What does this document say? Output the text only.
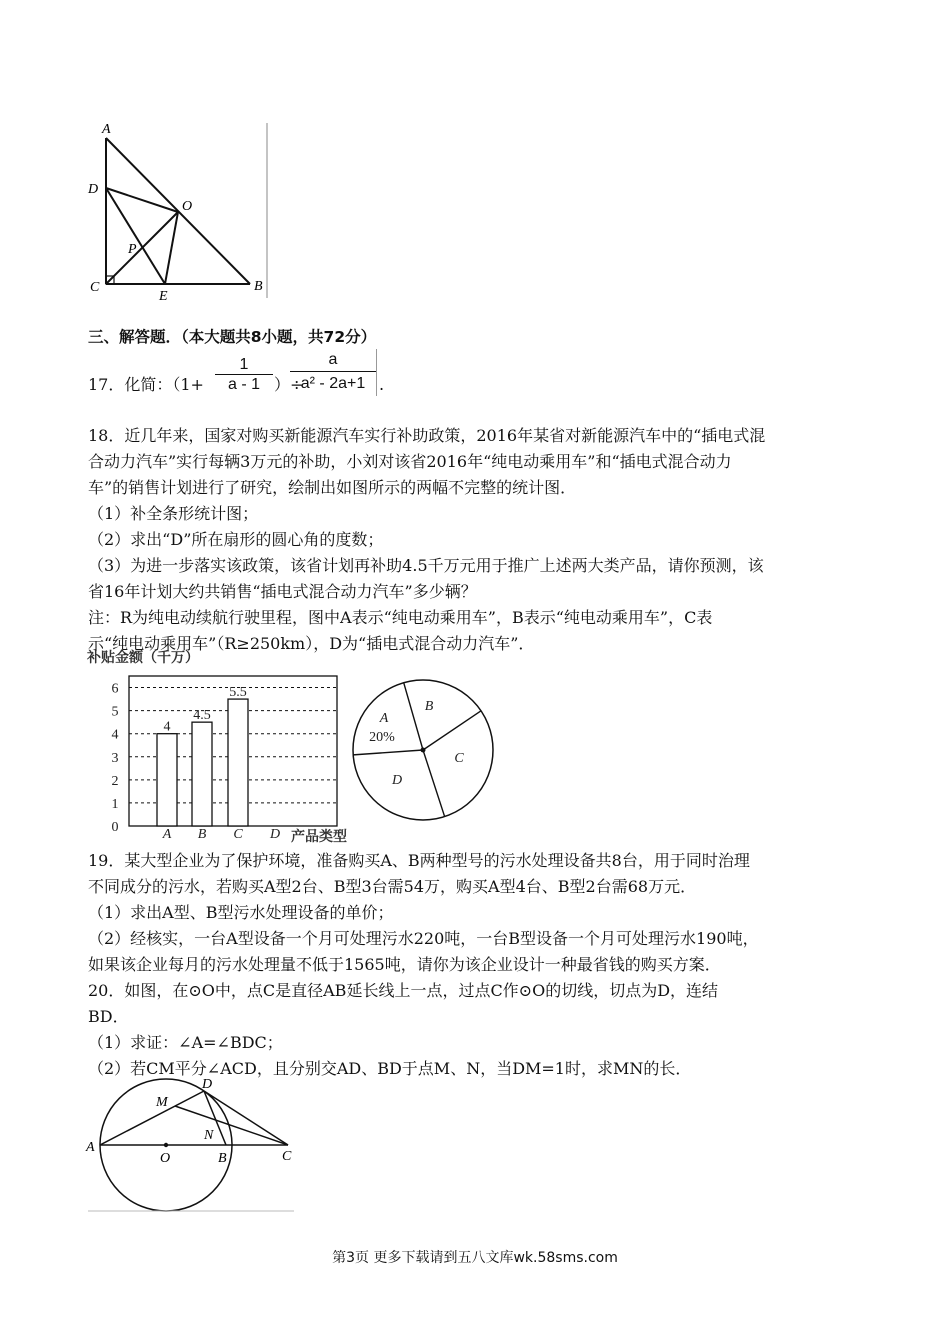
A
D
O
P
C
E
B
三、解答题．（本大题共8小题，共72分）
17．化简：（$1+ \frac{1}{a - 1}$ ）÷
$\frac{a}{\text{a² - 2a+1}}$ .
18．近几年来，国家对购买新能源汽车实行补助政策，2016年某省对新能源汽车中的“插电式混
合动力汽车”实行每辆3万元的补助，小刘对该省2016年“纯电动乘用车”和“插电式混合动力
车”的销售计划进行了研究，绘制出如图所示的两幅不完整的统计图．
（1）补全条形统计图；
（2）求出“D”所在扇形的圆心角的度数；
（3）为进一步落实该政策，该省计划再补助4.5千万元用于推广上述两大类产品，请你预测，该
省16年计划大约共销售“插电式混合动力汽车”多少辆？
注：R为纯电动续航行驶里程，图中A表示“纯电动乘用车”，B表示“纯电动乘用车”，C表
示“纯电动乘用车”（R≥250km），D为“插电式混合动力汽车”．
补贴金额（千万）
0
1
2
3
4
5
6
4
4.5
5.5
A B C D 产品类型
A
B
C
D
20%
19．某大型企业为了保护环境，准备购买A、B两种型号的污水处理设备共8台，用于同时治理
不同成分的污水，若购买A型2台、B型3台需54万，购买A型4台、B型2台需68万元．
（1）求出A型、B型污水处理设备的单价；
（2）经核实，一台A型设备一个月可处理污水220吨，一台B型设备一个月可处理污水190吨，
如果该企业每月的污水处理量不低于1565吨，请你为该企业设计一种最省钱的购买方案．
20．如图，在⊙O中，点C是直径AB延长线上一点，过点C作⊙O的切线，切点为D，连结
BD．
（1）求证：∠A=∠BDC；
（2）若CM平分∠ACD，且分别交AD、BD于点M、N，当DM=1时，求MN的长．
D
M
N
A
O	B	C
第3页 更多下载请到五八文库wk.58sms.com
